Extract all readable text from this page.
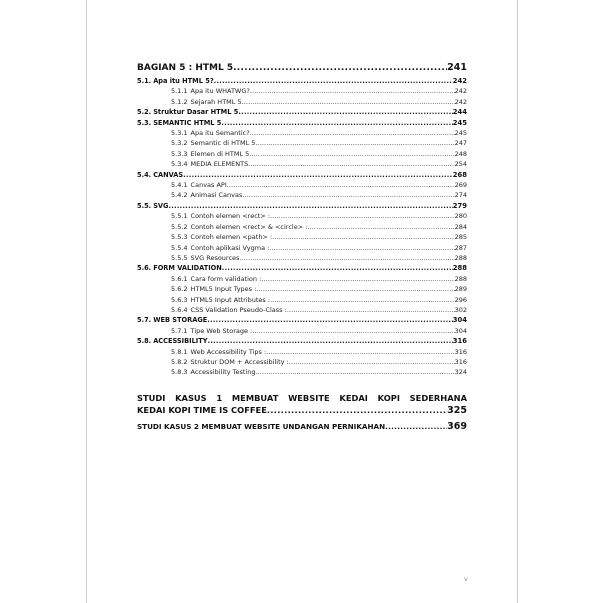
BAGIAN 5 : HTML 5 .....	241
5.1. Apa itu HTML 5? .....	242
5.1.1 Apa itu WHATWG? .....	242
5.1.2 Sejarah HTML 5 .....	242
5.2. Struktur Dasar HTML 5 .....	244
5.3. SEMANTIC HTML 5 .....	245
5.3.1 Apa itu Semantic? .....	245
5.3.2 Semantic di HTML 5 .....	247
5.3.3 Elemen di HTML 5 .....	248
5.3.4 MEDIA ELEMENTS .....	254
5.4. CANVAS .....	268
5.4.1 Canvas API .....	269
5.4.2 Animasi Canvas .....	274
5.5. SVG .....	279
5.5.1 Contoh elemen <rect> : .....	280
5.5.2 Contoh elemen <rect> & <circle> : .....	284
5.5.3 Contoh elemen <path> : .....	285
5.5.4 Contoh aplikasi Vygma : .....	287
5.5.5 SVG Resources .....	288
5.6. FORM VALIDATION .....	288
5.6.1 Cara form validation : .....	288
5.6.2 HTML5 Input Types : .....	289
5.6.3 HTML5 Input Attributes : .....	296
5.6.4 CSS Validation Pseudo-Class : .....	302
5.7. WEB STORAGE .....	304
5.7.1 Tipe Web Storage : .....	304
5.8. ACCESSIBILITY .....	316
5.8.1 Web Accessibility Tips : .....	316
5.8.2 Struktur DOM + Accessibility : .....	316
5.8.3 Accessibility Testing .....	324
STUDI KASUS 1 MEMBUAT WEBSITE KEDAI KOPI SEDERHANA
KEDAI KOPI TIME IS COFFEE .....	325
STUDI KASUS 2 MEMBUAT WEBSITE UNDANGAN PERNIKAHAN .....	369
v
